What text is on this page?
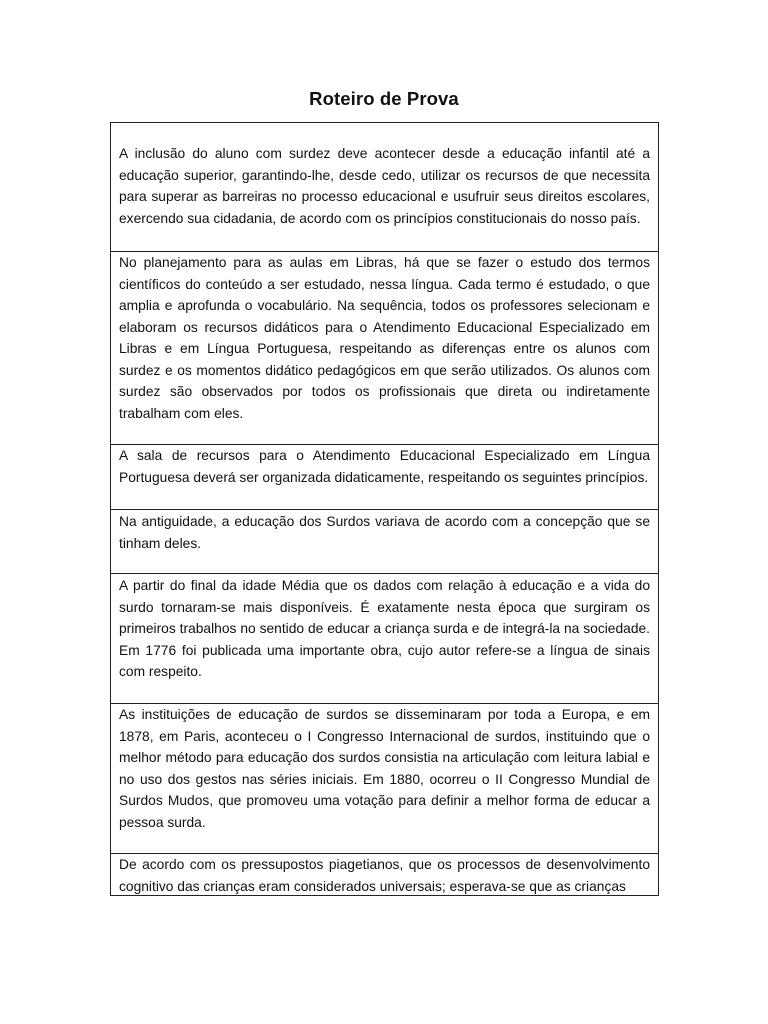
Roteiro de Prova
A inclusão do aluno com surdez deve acontecer desde a educação infantil até a educação superior, garantindo-lhe, desde cedo, utilizar os recursos de que necessita para superar as barreiras no processo educacional e usufruir seus direitos escolares, exercendo sua cidadania, de acordo com os princípios constitucionais do nosso país.
No planejamento para as aulas em Libras, há que se fazer o estudo dos termos científicos do conteúdo a ser estudado, nessa língua. Cada termo é estudado, o que amplia e aprofunda o vocabulário. Na sequência, todos os professores selecionam e elaboram os recursos didáticos para o Atendimento Educacional Especializado em Libras e em Língua Portuguesa, respeitando as diferenças entre os alunos com surdez e os momentos didático pedagógicos em que serão utilizados. Os alunos com surdez são observados por todos os profissionais que direta ou indiretamente trabalham com eles.
A sala de recursos para o Atendimento Educacional Especializado em Língua Portuguesa deverá ser organizada didaticamente, respeitando os seguintes princípios.
Na antiguidade, a educação dos Surdos variava de acordo com a concepção que se tinham deles.
A partir do final da idade Média que os dados com relação à educação e a vida do surdo tornaram-se mais disponíveis. É exatamente nesta época que surgiram os primeiros trabalhos no sentido de educar a criança surda e de integrá-la na sociedade. Em 1776 foi publicada uma importante obra, cujo autor refere-se a língua de sinais com respeito.
As instituições de educação de surdos se disseminaram por toda a Europa, e em 1878, em Paris, aconteceu o I Congresso Internacional de surdos, instituindo que o melhor método para educação dos surdos consistia na articulação com leitura labial e no uso dos gestos nas séries iniciais. Em 1880, ocorreu o II Congresso Mundial de Surdos Mudos, que promoveu uma votação para definir a melhor forma de educar a pessoa surda.
De acordo com os pressupostos piagetianos, que os processos de desenvolvimento cognitivo das crianças eram considerados universais; esperava-se que as crianças
